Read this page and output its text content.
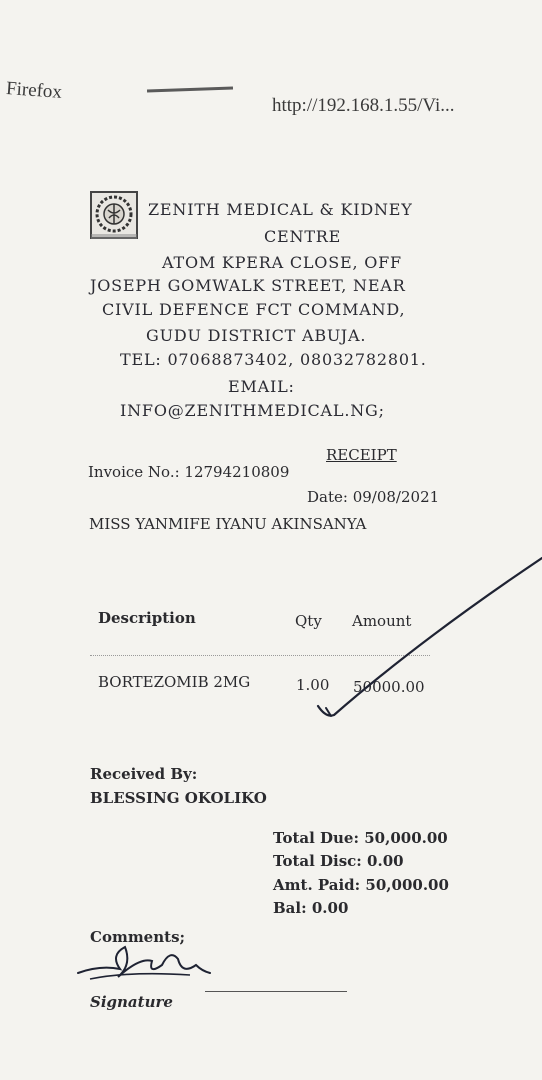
Firefox
http://192.168.1.55/Vi...
ZENITH MEDICAL & KIDNEY
CENTRE
ATOM KPERA CLOSE, OFF
JOSEPH GOMWALK STREET, NEAR
CIVIL DEFENCE FCT COMMAND,
GUDU DISTRICT ABUJA.
TEL: 07068873402, 08032782801.
EMAIL:
INFO@ZENITHMEDICAL.NG;
RECEIPT
Invoice No.: 12794210809
Date: 09/08/2021
MISS YANMIFE IYANU AKINSANYA
Description	Qty Amount
BORTEZOMIB 2MG	1.00 50000.00
Received By:
BLESSING OKOLIKO
Total Due: 50,000.00
Total Disc: 0.00
Amt. Paid: 50,000.00
Bal: 0.00
Comments;
Signature
